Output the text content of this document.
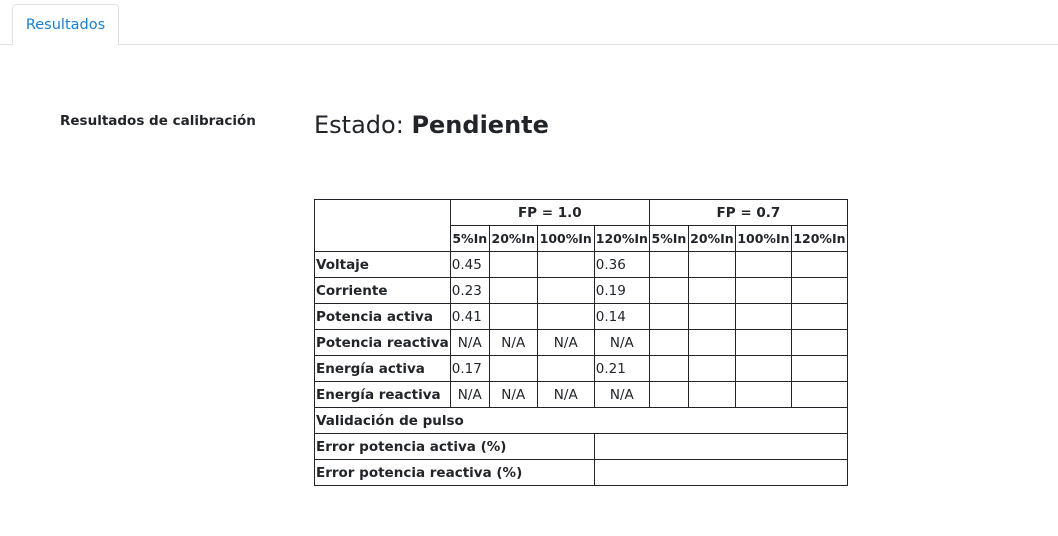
Resultados
Resultados de calibración Estado: Pendiente
	FP = 1.0				FP = 0.7			
	5%In	20%In	100%In	120%In	5%In	20%In	100%In	120%In
Voltaje	0.45			0.36				
Corriente	0.23			0.19				
Potencia activa	0.41			0.14				
Potencia reactiva	N/A	N/A	N/A	N/A				
Energía activa	0.17			0.21				
Energía reactiva	N/A	N/A	N/A	N/A				
Validación de pulso								
Error potencia activa (%)								
Error potencia reactiva (%)								
